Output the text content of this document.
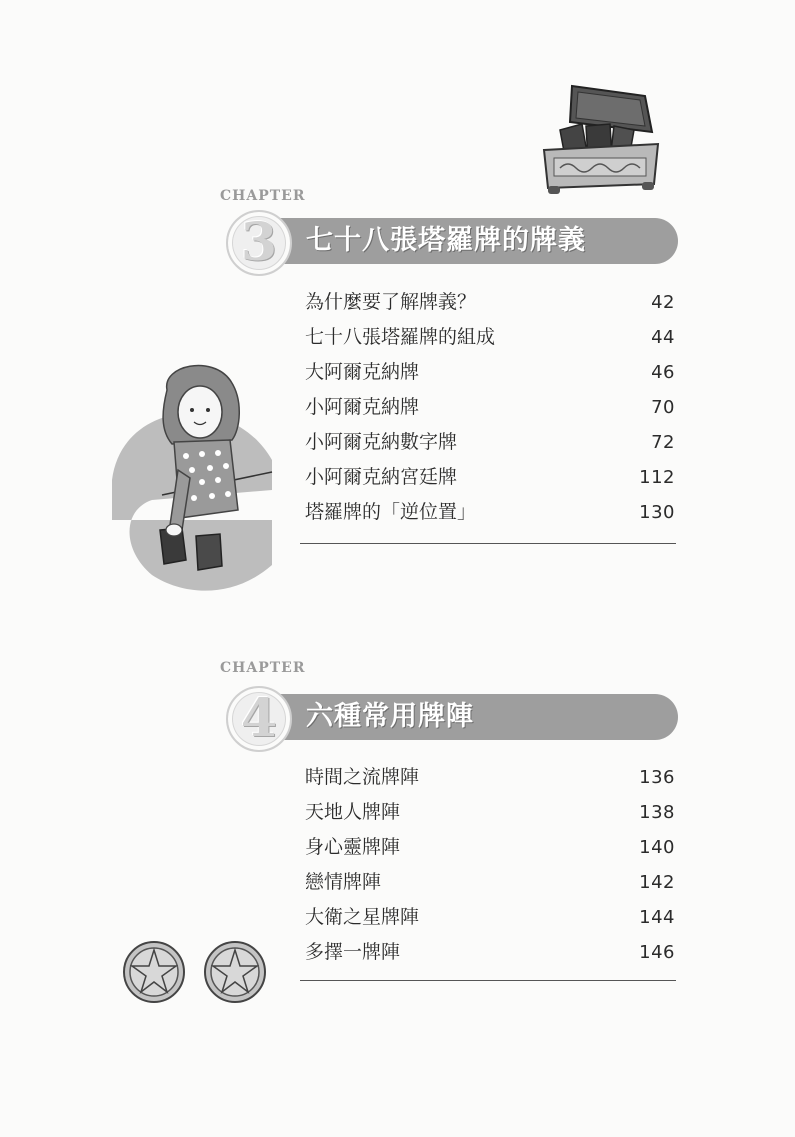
CHAPTER
七十八張塔羅牌的牌義
3
為什麼要了解牌義？	42
七十八張塔羅牌的組成	44
大阿爾克納牌	46
小阿爾克納牌	70
小阿爾克納數字牌	72
小阿爾克納宮廷牌	112
塔羅牌的「逆位置」	130
CHAPTER
六種常用牌陣
4
時間之流牌陣	136
天地人牌陣	138
身心靈牌陣	140
戀情牌陣	142
大衛之星牌陣	144
多擇一牌陣	146
